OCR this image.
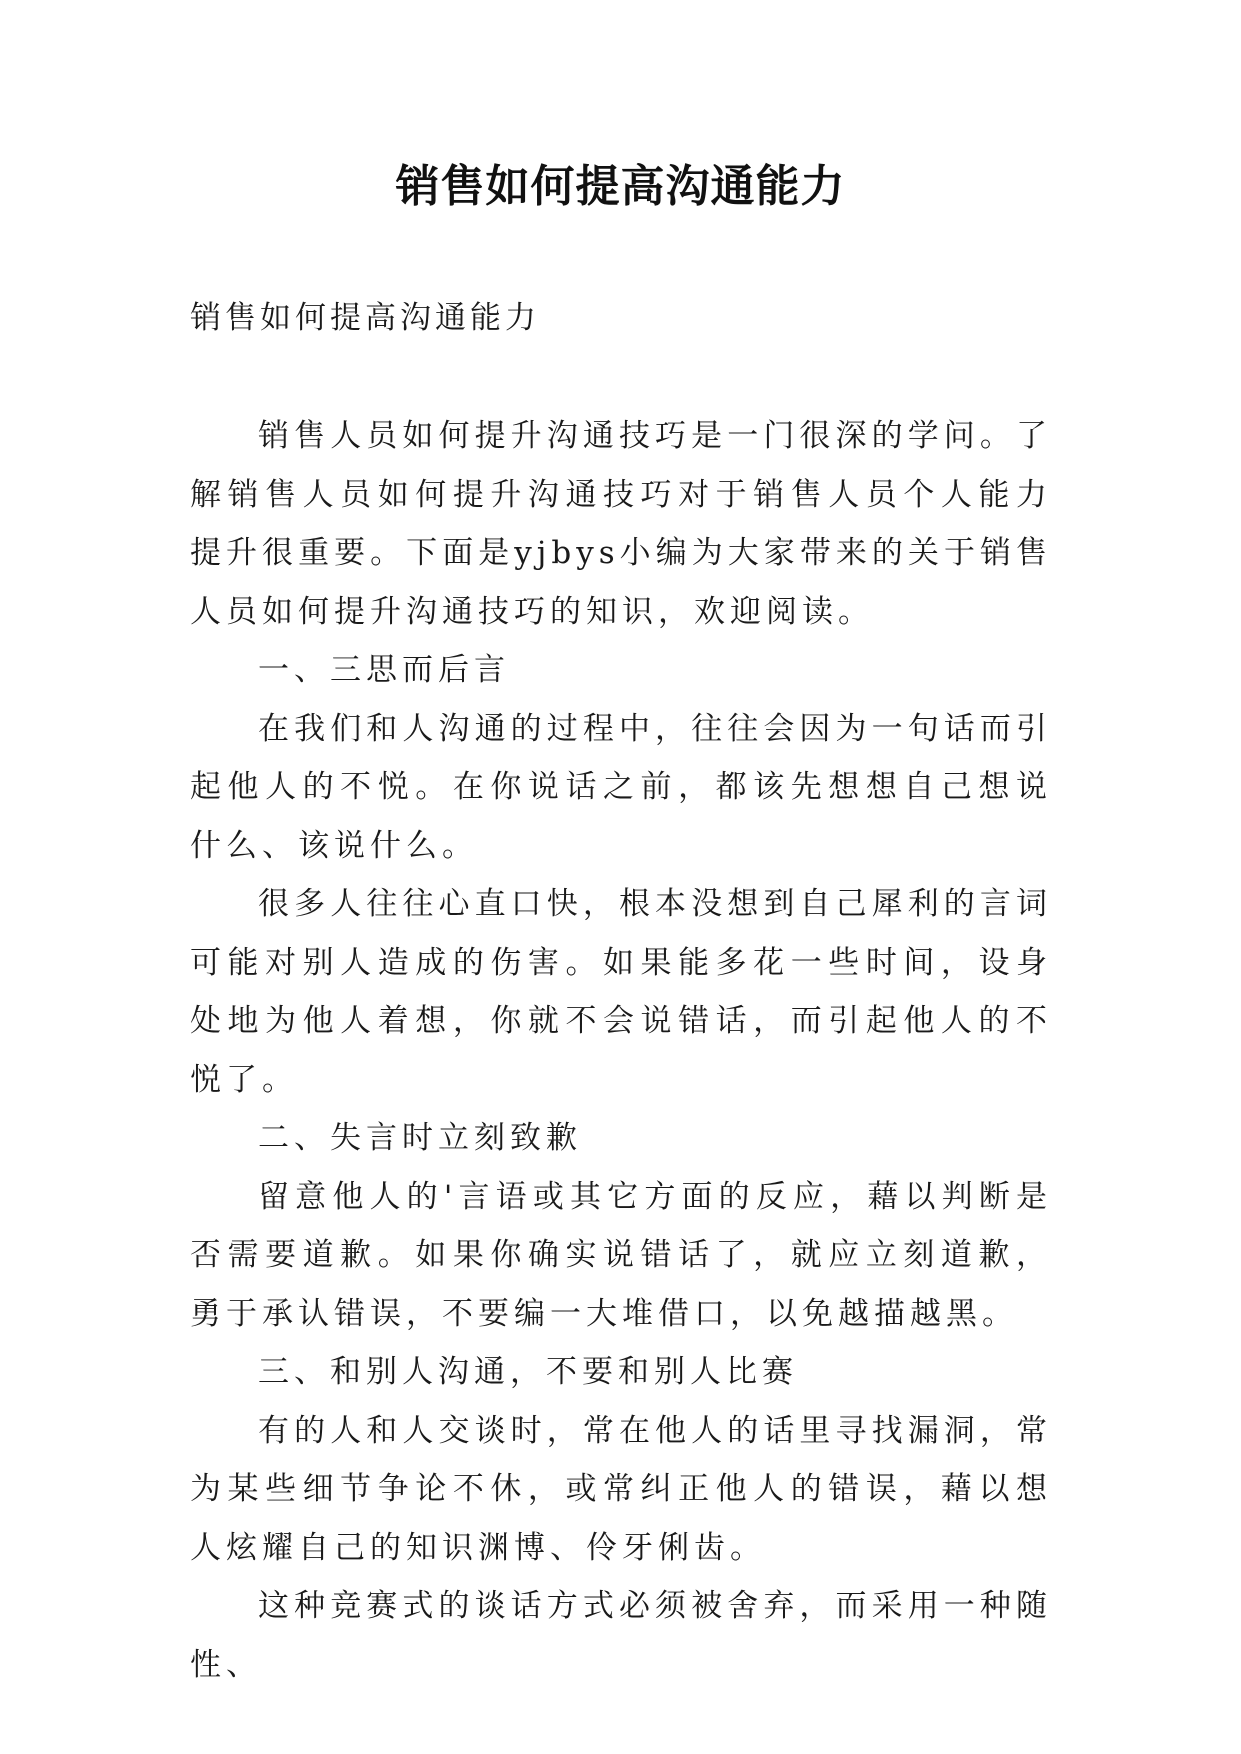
销售如何提高沟通能力

销售如何提高沟通能力

销售人员如何提升沟通技巧是一门很深的学问。了解销售人员如何提升沟通技巧对于销售人员个人能力提升很重要。下面是yjbys小编为大家带来的关于销售人员如何提升沟通技巧的知识，欢迎阅读。

一、三思而后言

在我们和人沟通的过程中，往往会因为一句话而引起他人的不悦。在你说话之前，都该先想想自己想说什么、该说什么。

很多人往往心直口快，根本没想到自己犀利的言词可能对别人造成的伤害。如果能多花一些时间，设身处地为他人着想，你就不会说错话，而引起他人的不悦了。

二、失言时立刻致歉

留意他人的'言语或其它方面的反应，藉以判断是否需要道歉。如果你确实说错话了，就应立刻道歉，勇于承认错误，不要编一大堆借口，以免越描越黑。

三、和别人沟通，不要和别人比赛

有的人和人交谈时，常在他人的话里寻找漏洞，常为某些细节争论不休，或常纠正他人的错误，藉以想人炫耀自己的知识渊博、伶牙俐齿。

这种竞赛式的谈话方式必须被舍弃，而采用一种随性、
